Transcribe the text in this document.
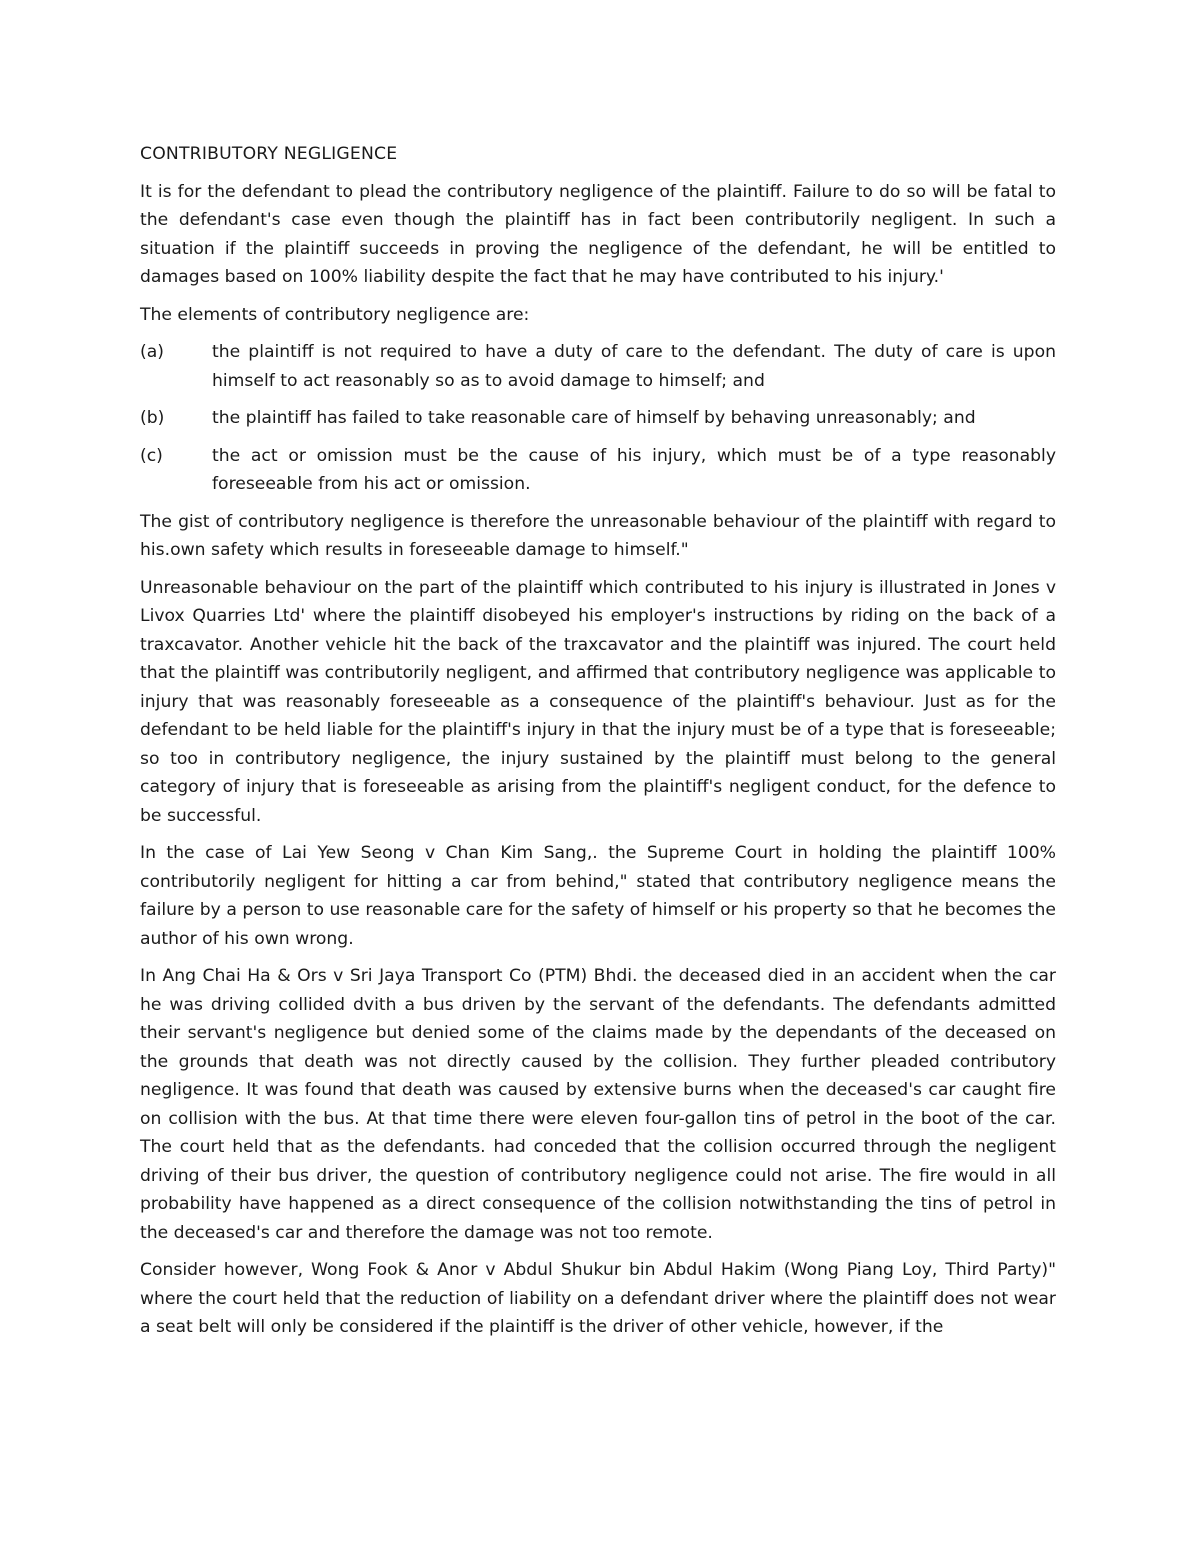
CONTRIBUTORY NEGLIGENCE

It is for the defendant to plead the contributory negligence of the plaintiff. Failure to do so will be fatal to the defendant's case even though the plaintiff has in fact been contributorily negligent. In such a situation if the plaintiff succeeds in proving the negligence of the defendant, he will be entitled to damages based on 100% liability despite the fact that he may have contributed to his injury.'

The elements of contributory negligence are:

(a)	the plaintiff is not required to have a duty of care to the defendant. The duty of care is upon himself to act reasonably so as to avoid damage to himself; and
(b)	the plaintiff has failed to take reasonable care of himself by behaving unreasonably; and
(c)	the act or omission must be the cause of his injury, which must be of a type reasonably foreseeable from his act or omission.

The gist of contributory negligence is therefore the unreasonable behaviour of the plaintiff with regard to his.own safety which results in foreseeable damage to himself."

Unreasonable behaviour on the part of the plaintiff which contributed to his injury is illustrated in Jones v Livox Quarries Ltd' where the plaintiff disobeyed his employer's instructions by riding on the back of a traxcavator. Another vehicle hit the back of the traxcavator and the plaintiff was injured. The court held that the plaintiff was contributorily negligent, and affirmed that contributory negligence was applicable to injury that was reasonably foreseeable as a consequence of the plaintiff's behaviour. Just as for the defendant to be held liable for the plaintiff's injury in that the injury must be of a type that is foreseeable; so too in contributory negligence, the injury sustained by the plaintiff must belong to the general category of injury that is foreseeable as arising from the plaintiff's negligent conduct, for the defence to be successful.

In the case of Lai Yew Seong v Chan Kim Sang,. the Supreme Court in holding the plaintiff 100% contributorily negligent for hitting a car from behind," stated that contributory negligence means the failure by a person to use reasonable care for the safety of himself or his property so that he becomes the author of his own wrong.

In Ang Chai Ha & Ors v Sri Jaya Transport Co (PTM) Bhdi. the deceased died in an accident when the car he was driving collided dvith a bus driven by the servant of the defendants. The defendants admitted their servant's negligence but denied some of the claims made by the dependants of the deceased on the grounds that death was not directly caused by the collision. They further pleaded contributory negligence. It was found that death was caused by extensive burns when the deceased's car caught fire on collision with the bus. At that time there were eleven four-gallon tins of petrol in the boot of the car. The court held that as the defendants. had conceded that the collision occurred through the negligent driving of their bus driver, the question of contributory negligence could not arise. The fire would in all probability have happened as a direct consequence of the collision notwithstanding the tins of petrol in the deceased's car and therefore the damage was not too remote.

Consider however, Wong Fook & Anor v Abdul Shukur bin Abdul Hakim (Wong Piang Loy, Third Party)" where the court held that the reduction of liability on a defendant driver where the plaintiff does not wear a seat belt will only be considered if the plaintiff is the driver of other vehicle, however, if the
